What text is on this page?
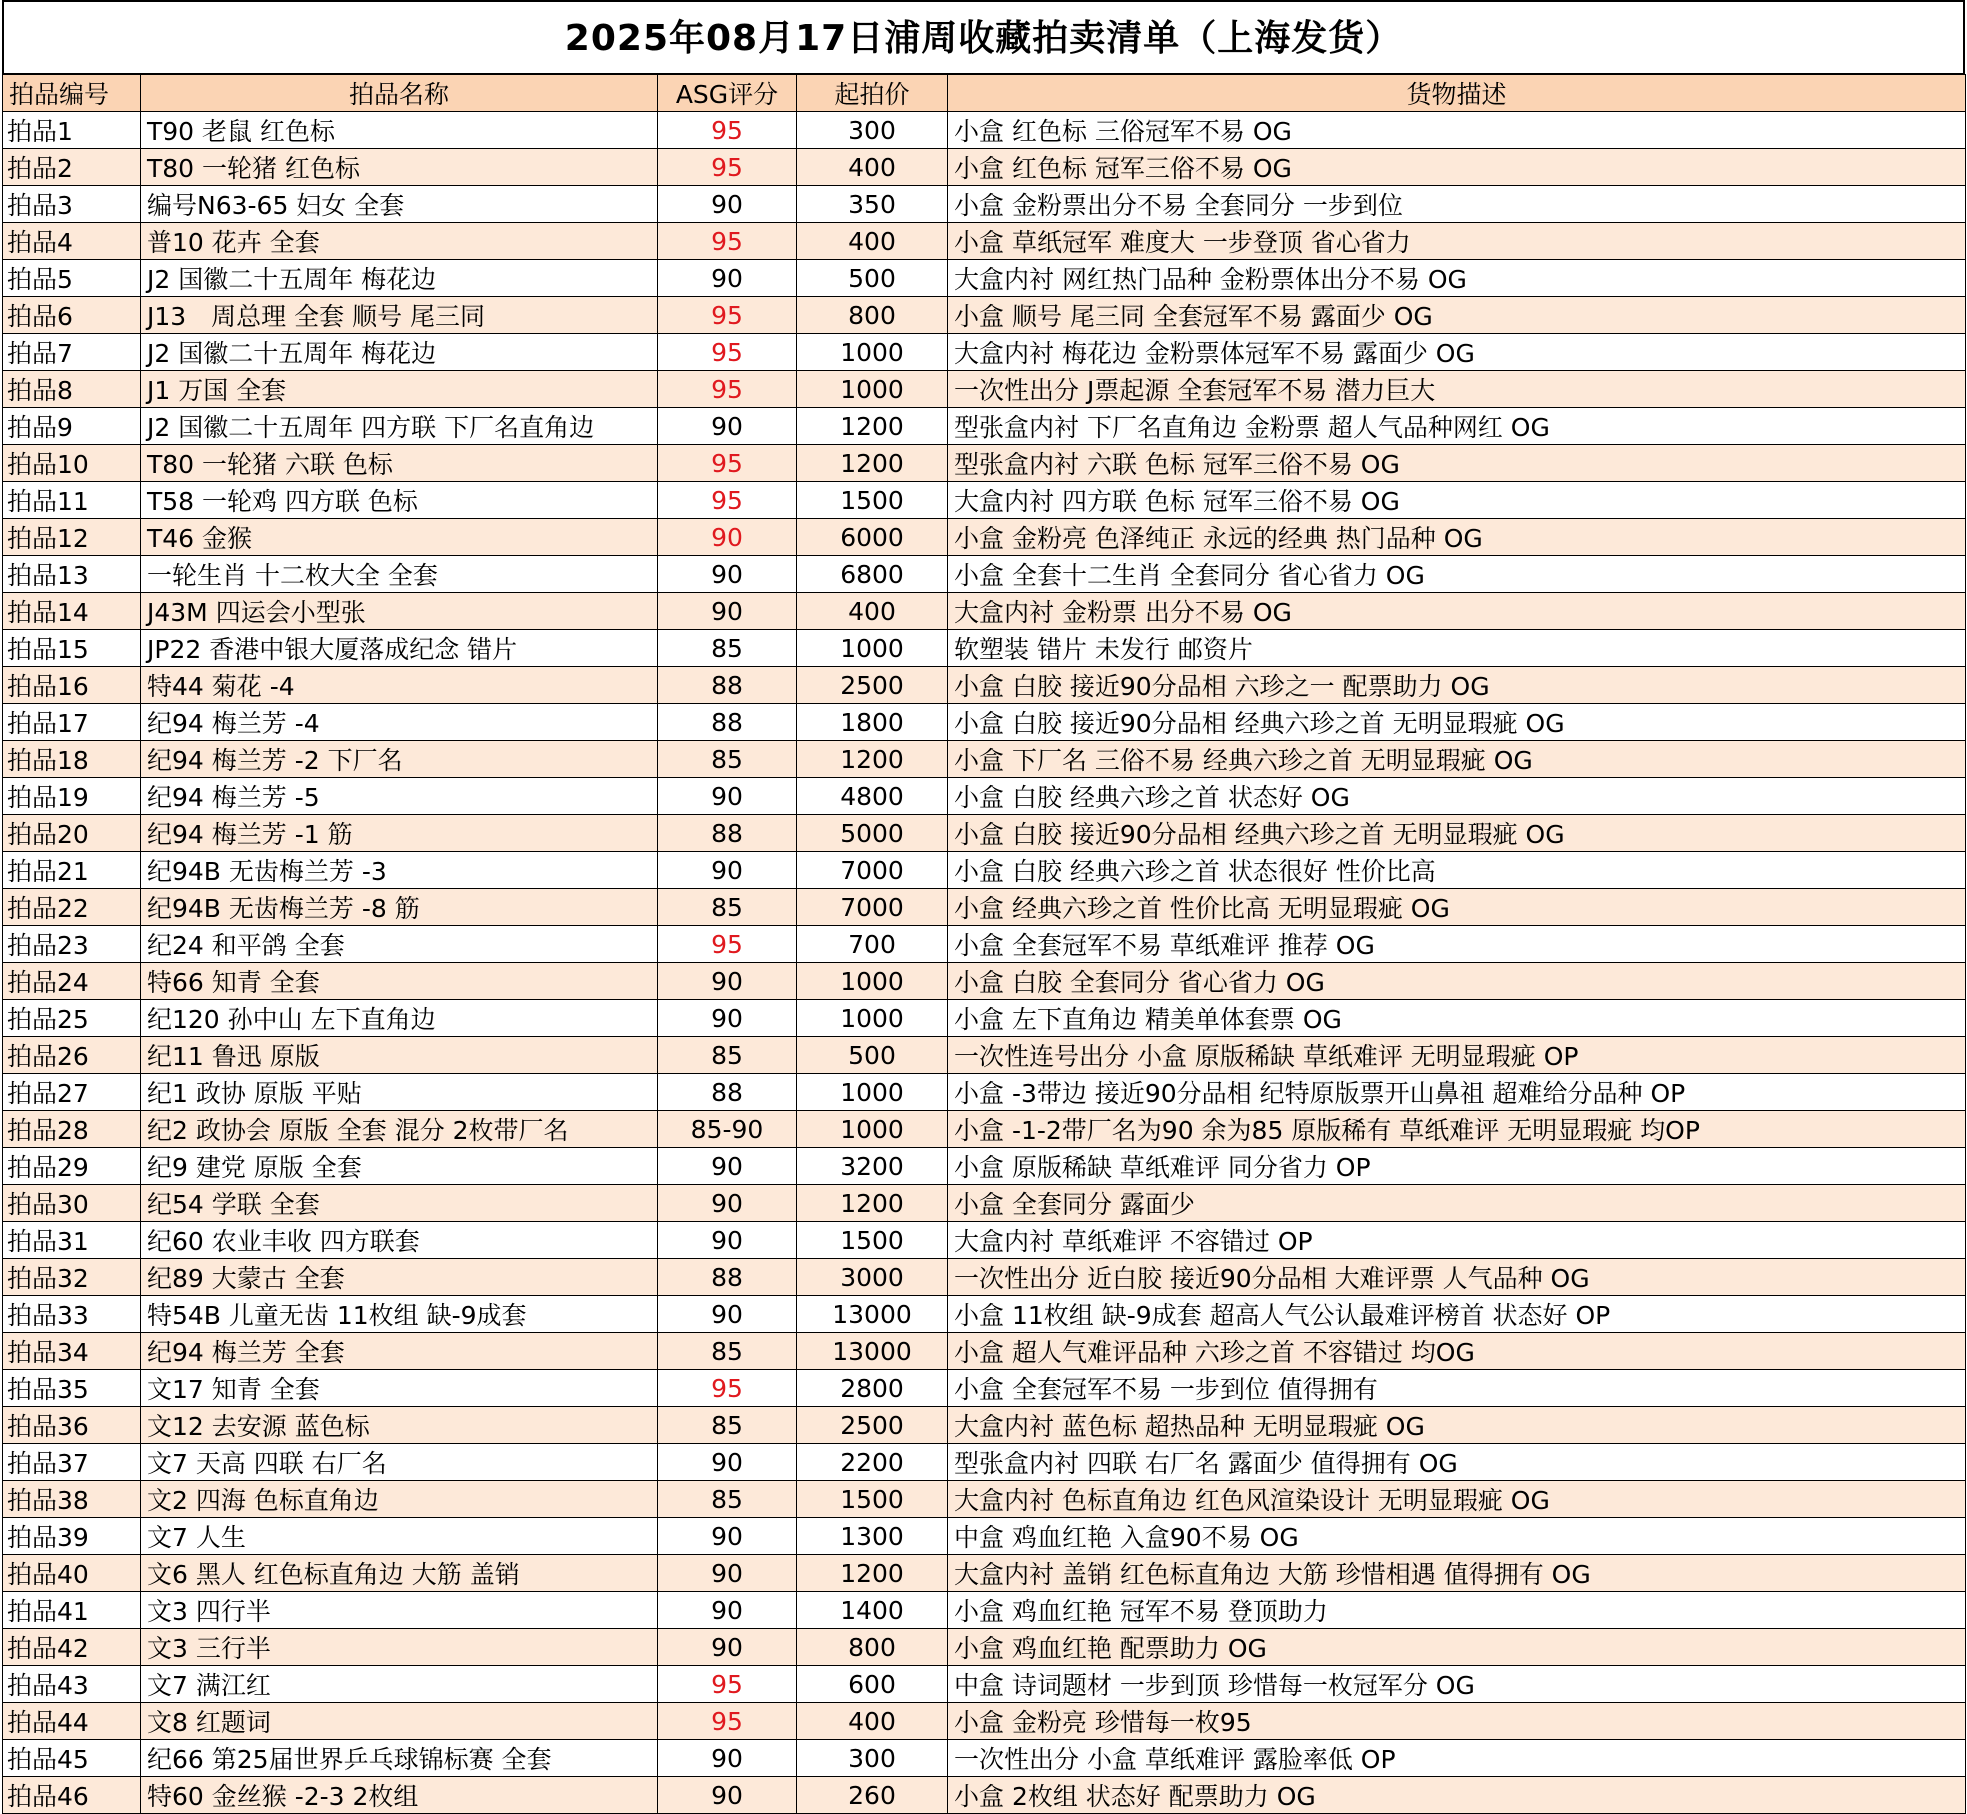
2025年08月17日浦周收藏拍卖清单（上海发货）
拍品编号	拍品名称	ASG评分	起拍价	货物描述
拍品1	T90 老鼠 红色标	95	300	小盒 红色标 三俗冠军不易 OG
拍品2	T80 一轮猪 红色标	95	400	小盒 红色标 冠军三俗不易 OG
拍品3	编号N63-65 妇女 全套	90	350	小盒 金粉票出分不易 全套同分 一步到位
拍品4	普10 花卉 全套	95	400	小盒 草纸冠军 难度大 一步登顶 省心省力
拍品5	J2 国徽二十五周年 梅花边	90	500	大盒内衬 网红热门品种 金粉票体出分不易 OG
拍品6	J13　周总理 全套 顺号 尾三同	95	800	小盒 顺号 尾三同 全套冠军不易 露面少 OG
拍品7	J2 国徽二十五周年 梅花边	95	1000	大盒内衬 梅花边 金粉票体冠军不易 露面少 OG
拍品8	J1 万国 全套	95	1000	一次性出分 J票起源 全套冠军不易 潜力巨大
拍品9	J2 国徽二十五周年 四方联 下厂名直角边	90	1200	型张盒内衬 下厂名直角边 金粉票 超人气品种网红 OG
拍品10	T80 一轮猪 六联 色标	95	1200	型张盒内衬 六联 色标 冠军三俗不易 OG
拍品11	T58 一轮鸡 四方联 色标	95	1500	大盒内衬 四方联 色标 冠军三俗不易 OG
拍品12	T46 金猴	90	6000	小盒 金粉亮 色泽纯正 永远的经典 热门品种 OG
拍品13	一轮生肖 十二枚大全 全套	90	6800	小盒 全套十二生肖 全套同分 省心省力 OG
拍品14	J43M 四运会小型张	90	400	大盒内衬 金粉票 出分不易 OG
拍品15	JP22 香港中银大厦落成纪念 错片	85	1000	软塑装 错片 未发行 邮资片
拍品16	特44 菊花 -4	88	2500	小盒 白胶 接近90分品相 六珍之一 配票助力 OG
拍品17	纪94 梅兰芳 -4	88	1800	小盒 白胶 接近90分品相 经典六珍之首 无明显瑕疵 OG
拍品18	纪94 梅兰芳 -2 下厂名	85	1200	小盒 下厂名 三俗不易 经典六珍之首 无明显瑕疵 OG
拍品19	纪94 梅兰芳 -5	90	4800	小盒 白胶 经典六珍之首 状态好 OG
拍品20	纪94 梅兰芳 -1 筋	88	5000	小盒 白胶 接近90分品相 经典六珍之首 无明显瑕疵 OG
拍品21	纪94B 无齿梅兰芳 -3	90	7000	小盒 白胶 经典六珍之首 状态很好 性价比高
拍品22	纪94B 无齿梅兰芳 -8 筋	85	7000	小盒 经典六珍之首 性价比高 无明显瑕疵 OG
拍品23	纪24 和平鸽 全套	95	700	小盒 全套冠军不易 草纸难评 推荐 OG
拍品24	特66 知青 全套	90	1000	小盒 白胶 全套同分 省心省力 OG
拍品25	纪120 孙中山 左下直角边	90	1000	小盒 左下直角边 精美单体套票 OG
拍品26	纪11 鲁迅 原版	85	500	一次性连号出分 小盒 原版稀缺 草纸难评 无明显瑕疵 OP
拍品27	纪1 政协 原版 平贴	88	1000	小盒 -3带边 接近90分品相 纪特原版票开山鼻祖 超难给分品种 OP
拍品28	纪2 政协会 原版 全套 混分 2枚带厂名	85-90	1000	小盒 -1-2带厂名为90 余为85 原版稀有 草纸难评 无明显瑕疵 均OP
拍品29	纪9 建党 原版 全套	90	3200	小盒 原版稀缺 草纸难评 同分省力 OP
拍品30	纪54 学联 全套	90	1200	小盒 全套同分 露面少
拍品31	纪60 农业丰收 四方联套	90	1500	大盒内衬 草纸难评 不容错过 OP
拍品32	纪89 大蒙古 全套	88	3000	一次性出分 近白胶 接近90分品相 大难评票 人气品种 OG
拍品33	特54B 儿童无齿 11枚组 缺-9成套	90	13000	小盒 11枚组 缺-9成套 超高人气公认最难评榜首 状态好 OP
拍品34	纪94 梅兰芳 全套	85	13000	小盒 超人气难评品种 六珍之首 不容错过 均OG
拍品35	文17 知青 全套	95	2800	小盒 全套冠军不易 一步到位 值得拥有
拍品36	文12 去安源 蓝色标	85	2500	大盒内衬 蓝色标 超热品种 无明显瑕疵 OG
拍品37	文7 天高 四联 右厂名	90	2200	型张盒内衬 四联 右厂名 露面少 值得拥有 OG
拍品38	文2 四海 色标直角边	85	1500	大盒内衬 色标直角边 红色风渲染设计 无明显瑕疵 OG
拍品39	文7 人生	90	1300	中盒 鸡血红艳 入盒90不易 OG
拍品40	文6 黑人 红色标直角边 大筋 盖销	90	1200	大盒内衬 盖销 红色标直角边 大筋 珍惜相遇 值得拥有 OG
拍品41	文3 四行半	90	1400	小盒 鸡血红艳 冠军不易 登顶助力
拍品42	文3 三行半	90	800	小盒 鸡血红艳 配票助力 OG
拍品43	文7 满江红	95	600	中盒 诗词题材 一步到顶 珍惜每一枚冠军分 OG
拍品44	文8 红题词	95	400	小盒 金粉亮 珍惜每一枚95
拍品45	纪66 第25届世界乒乓球锦标赛 全套	90	300	一次性出分 小盒 草纸难评 露脸率低 OP
拍品46	特60 金丝猴 -2-3 2枚组	90	260	小盒 2枚组 状态好 配票助力 OG
